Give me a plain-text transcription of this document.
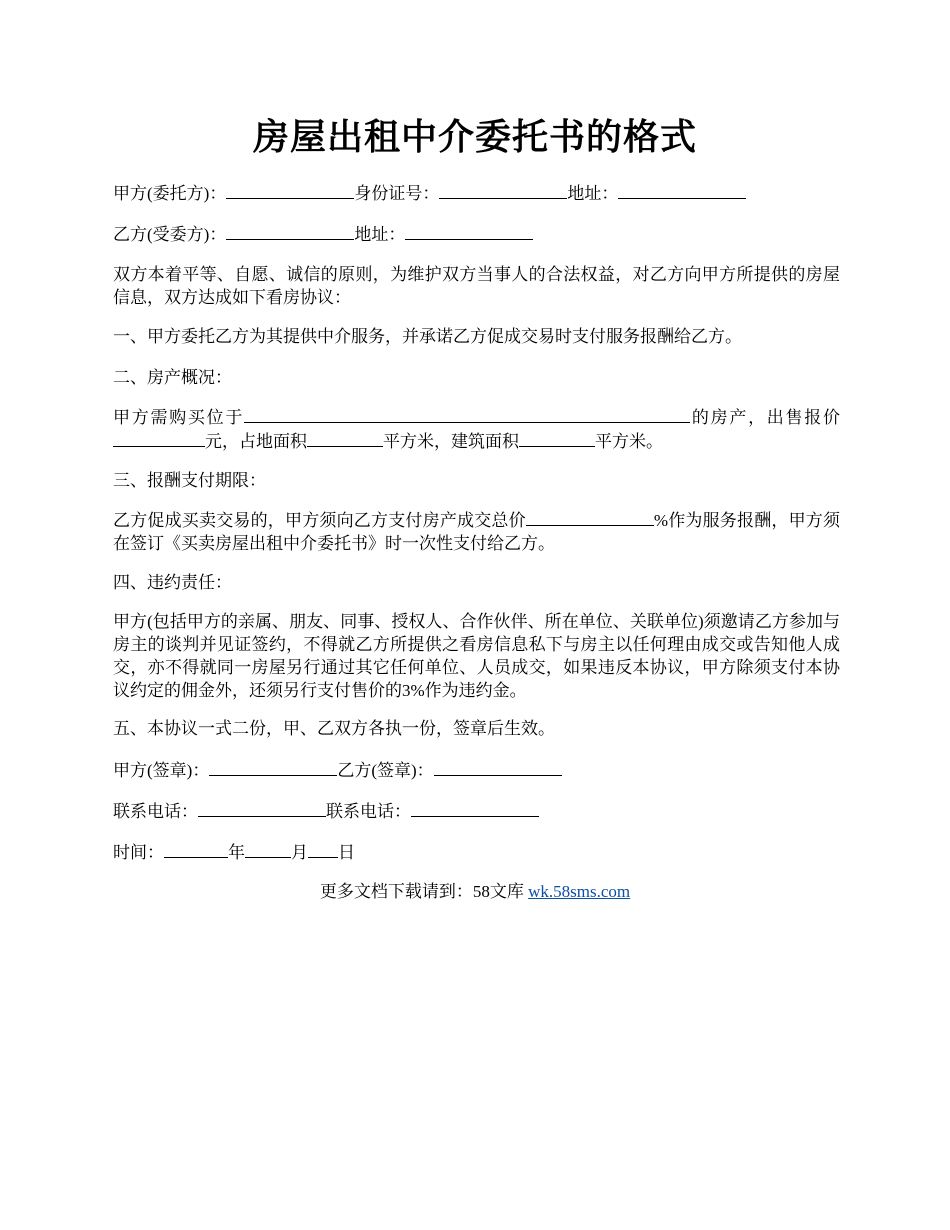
房屋出租中介委托书的格式
甲方(委托方)：	身份证号：	地址：
乙方(受委方)：	地址：

双方本着平等、自愿、诚信的原则，为维护双方当事人的合法权益，对乙方向甲方所提供的房屋信息，双方达成如下看房协议：

一、甲方委托乙方为其提供中介服务，并承诺乙方促成交易时支付服务报酬给乙方。
二、房产概况：

甲方需购买位于	的房产，出售报价元，占地面积	平方米，建筑面积	平方米。

三、报酬支付期限：

乙方促成买卖交易的，甲方须向乙方支付房产成交总价	%作为服务报酬，甲方须在签订《买卖房屋出租中介委托书》时一次性支付给乙方。

四、违约责任：

甲方(包括甲方的亲属、朋友、同事、授权人、合作伙伴、所在单位、关联单位)须邀请乙方参加与房主的谈判并见证签约，不得就乙方所提供之看房信息私下与房主以任何理由成交或告知他人成交，亦不得就同一房屋另行通过其它任何单位、人员成交，如果违反本协议，甲方除须支付本协议约定的佣金外，还须另行支付售价的3%作为违约金。

五、本协议一式二份，甲、乙双方各执一份，签章后生效。
甲方(签章)：	乙方(签章)：
联系电话：	联系电话：
时间：	年	月 日
更多文档下载请到：58文库 wk.58sms.com
